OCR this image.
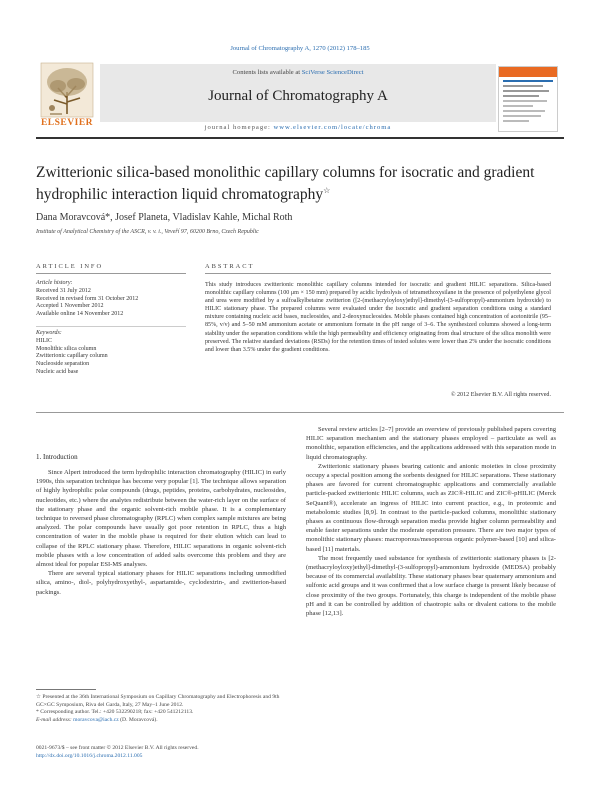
Journal of Chromatography A, 1270 (2012) 178–185
Contents lists available at SciVerse ScienceDirect
Journal of Chromatography A
journal homepage: www.elsevier.com/locate/chroma
ELSEVIER
Zwitterionic silica-based monolithic capillary columns for isocratic and gradient
hydrophilic interaction liquid chromatography☆
Dana Moravcová*, Josef Planeta, Vladislav Kahle, Michal Roth
Institute of Analytical Chemistry of the ASCR, v. v. i., Veveří 97, 60200 Brno, Czech Republic
ARTICLE INFO
Article history:
Received 31 July 2012
Received in revised form 31 October 2012
Accepted 1 November 2012
Available online 14 November 2012
Keywords:
HILIC
Monolithic silica column
Zwitterionic capillary column
Nucleoside separation
Nucleic acid base
ABSTRACT
This study introduces zwitterionic monolithic capillary columns intended for isocratic and gradient HILIC separations. Silica-based monolithic capillary columns (100 μm × 150 mm) prepared by acidic hydrolysis of tetramethoxysilane in the presence of polyethylene glycol and urea were modified by a sulfoalkylbetaine zwitterion ([2-(methacryloyloxy)ethyl]-dimethyl-(3-sulfopropyl)-ammonium hydroxide) to HILIC stationary phase. The prepared columns were evaluated under the isocratic and gradient separation conditions using a standard mixture containing nucleic acid bases, nucleosides, and 2-deoxynucleosides. Mobile phases contained high concentration of acetonitrile (95–85%, v/v) and 5–50 mM ammonium acetate or ammonium formate in the pH range of 3–6. The synthesized columns showed a long-term stability under the separation conditions while the high permeability and efficiency originating from dual structure of the silica monolith were preserved. The relative standard deviations (RSDs) for the retention times of tested solutes were lower than 2% under the isocratic conditions and lower than 3.5% under the gradient conditions.
© 2012 Elsevier B.V. All rights reserved.
1. Introduction

Since Alpert introduced the term hydrophilic interaction chromatography (HILIC) in early 1990s, this separation technique has become very popular [1]. The technique allows separation of highly hydrophilic polar compounds (drugs, peptides, proteins, carbohydrates, nucleosides, nucleotides, etc.) where the analytes redistribute between the water-rich layer on the surface of the stationary phase and the organic solvent-rich mobile phase. It is a complementary technique to reversed phase chromatography (RPLC) when complex sample mixtures are being analyzed. The polar compounds have usually got poor retention in RPLC, thus a high concentration of water in the mobile phase is required for their elution which can lead to collapse of the RPLC stationary phase. Therefore, HILIC separations in organic solvent-rich mobile phases with a low concentration of added salts overcome this problem and they are almost ideal for popular ESI-MS analyses.

There are several typical stationary phases for HILIC separations including unmodified silica, amino-, diol-, polyhydroxyethyl-, aspartamide-, cyclodextrin-, and zwitterion-based packings.

Several review articles [2–7] provide an overview of previously published papers covering HILIC separation mechanism and the stationary phases employed – particulate as well as monolithic, separation efficiencies, and the applications addressed with this separation mode in liquid chromatography.

Zwitterionic stationary phases bearing cationic and anionic moieties in close proximity occupy a special position among the sorbents designed for HILIC separations. These stationary phases are favored for current chromatographic applications and commercially available particle-packed zwitterionic HILIC columns, such as ZIC®-HILIC and ZIC®-pHILIC (Merck SeQuant®), accelerate an ingress of HILIC into current practice, e.g., in proteomic and metabolomic studies [8,9]. In contrast to the particle-packed columns, monolithic stationary phases as continuous flow-through separation media provide higher column permeability and enable faster separations under the moderate operation pressure. There are two major types of monolithic stationary phases: macroporous/mesoporous organic polymer-based [10] and silica-based [11] materials.

The most frequently used substance for synthesis of zwitterionic stationary phases is [2-(methacryloyloxy)ethyl]-dimethyl-(3-sulfopropyl)-ammonium hydroxide (MEDSA) probably because of its commercial availability. These stationary phases bear quaternary ammonium and sulfonic acid groups and it was confirmed that a low surface charge is present likely because of close proximity of the two groups. Fortunately, this charge is independent of the mobile phase pH and it can be controlled by addition of chaotropic salts or divalent cations to the mobile phase [12,13].

☆ Presented at the 36th International Symposium on Capillary Chromatography and Electrophoresis and 9th GC×GC Symposium, Riva del Garda, Italy, 27 May–1 June 2012.
* Corresponding author. Tel.: +420 532290218; fax: +420 541212113.
E-mail address: moravcova@iach.cz (D. Moravcová).
0021-9673/$ – see front matter © 2012 Elsevier B.V. All rights reserved.
http://dx.doi.org/10.1016/j.chroma.2012.11.005
